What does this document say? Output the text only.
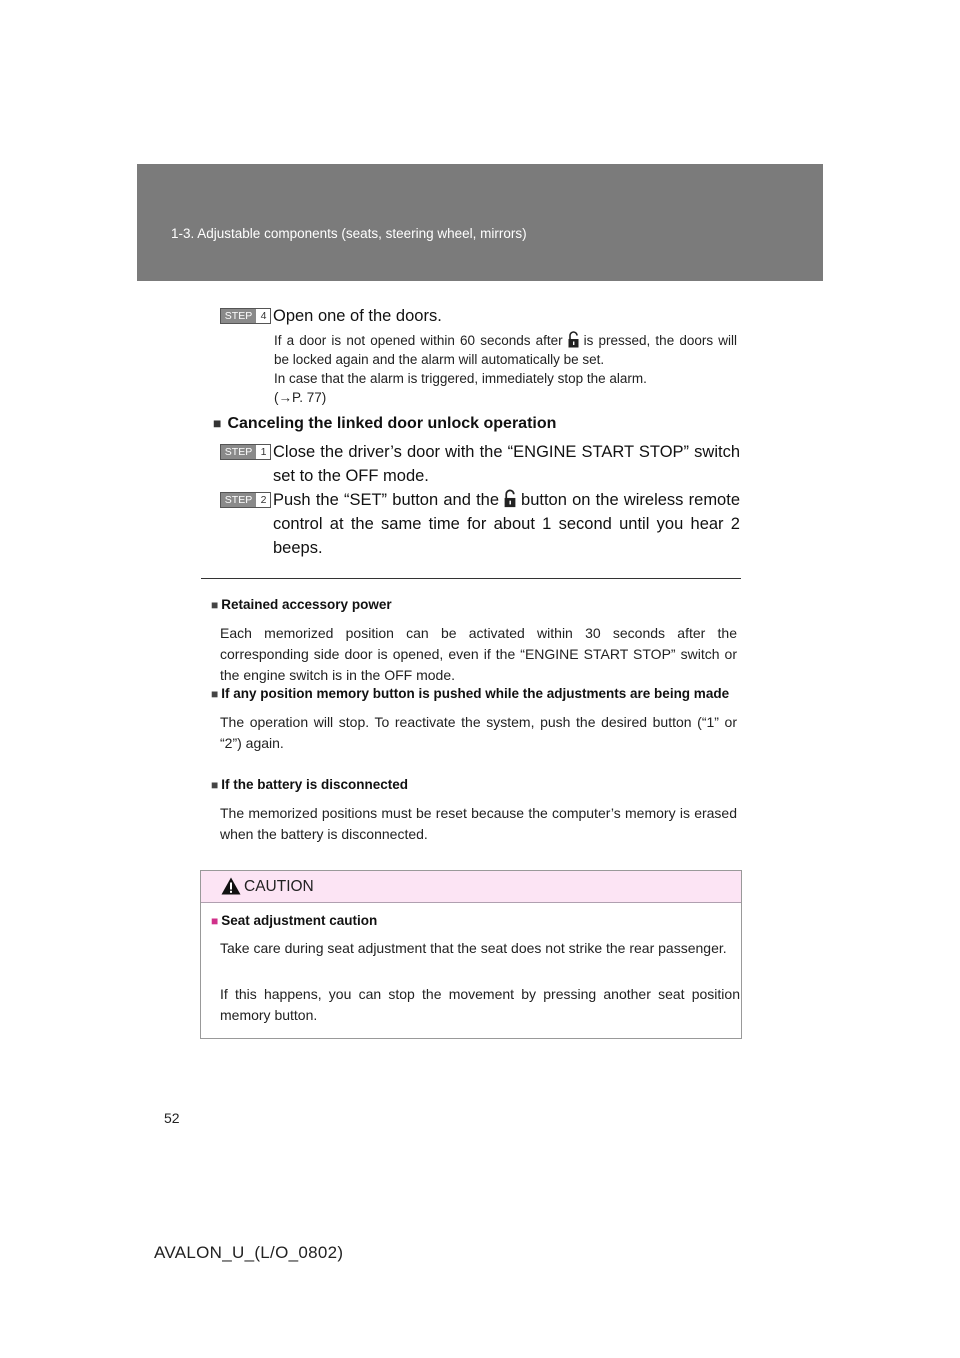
1-3. Adjustable components (seats, steering wheel, mirrors)
STEP 4 Open one of the doors.
If a door is not opened within 60 seconds after is pressed, the doors will be locked again and the alarm will automatically be set.
In case that the alarm is triggered, immediately stop the alarm.
(→P. 77)
■ Canceling the linked door unlock operation
STEP 1 Close the driver’s door with the “ENGINE START STOP” switch set to the OFF mode.
STEP 2 Push the “SET” button and the button on the wireless remote control at the same time for about 1 second until you hear 2 beeps.
■ Retained accessory power
Each memorized position can be activated within 30 seconds after the corresponding side door is opened, even if the “ENGINE START STOP” switch or the engine switch is in the OFF mode.
■ If any position memory button is pushed while the adjustments are being made
The operation will stop. To reactivate the system, push the desired button (“1” or “2”) again.
■ If the battery is disconnected
The memorized positions must be reset because the computer’s memory is erased when the battery is disconnected.
CAUTION
■ Seat adjustment caution
Take care during seat adjustment that the seat does not strike the rear passenger.
If this happens, you can stop the movement by pressing another seat position memory button.
52
AVALON_U_(L/O_0802)
